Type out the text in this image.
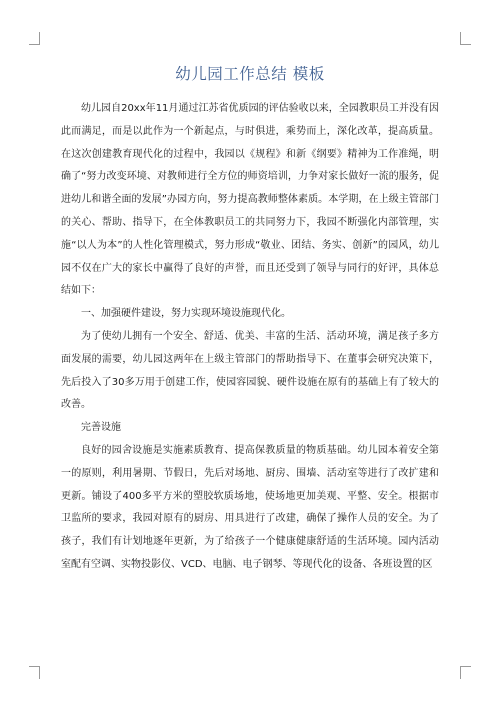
幼儿园工作总结 模板

幼儿园自20xx年11月通过江苏省优质园的评估验收以来，全园教职员工并没有因此而满足，而是以此作为一个新起点，与时俱进，乘势而上，深化改革，提高质量。在这次创建教育现代化的过程中，我园以《规程》和新《纲要》精神为工作准绳，明确了“努力改变环境、对教师进行全方位的师资培训，力争对家长做好一流的服务，促进幼儿和谐全面的发展”办园方向，努力提高教师整体素质。本学期，在上级主管部门的关心、帮助、指导下，在全体教职员工的共同努力下，我园不断强化内部管理，实施“以人为本”的人性化管理模式，努力形成“敬业、团结、务实、创新”的园风，幼儿园不仅在广大的家长中赢得了良好的声誉，而且还受到了领导与同行的好评，具体总结如下：

一、加强硬件建设，努力实现环境设施现代化。

为了使幼儿拥有一个安全、舒适、优美、丰富的生活、活动环境，满足孩子多方面发展的需要，幼儿园这两年在上级主管部门的帮助指导下、在董事会研究决策下，先后投入了30多万用于创建工作，使园容园貌、硬件设施在原有的基础上有了较大的改善。

完善设施

良好的园舍设施是实施素质教育、提高保教质量的物质基础。幼儿园本着安全第一的原则，利用暑期、节假日，先后对场地、厨房、围墙、活动室等进行了改扩建和更新。铺设了400多平方米的塑胶软质场地，使场地更加美观、平整、安全。根据市卫监所的要求，我园对原有的厨房、用具进行了改建，确保了操作人员的安全。为了孩子，我们有计划地逐年更新，为了给孩子一个健康健康舒适的生活环境。园内活动室配有空调、实物投影仪、VCD、电脑、电子钢琴、等现代化的设备、各班设置的区
